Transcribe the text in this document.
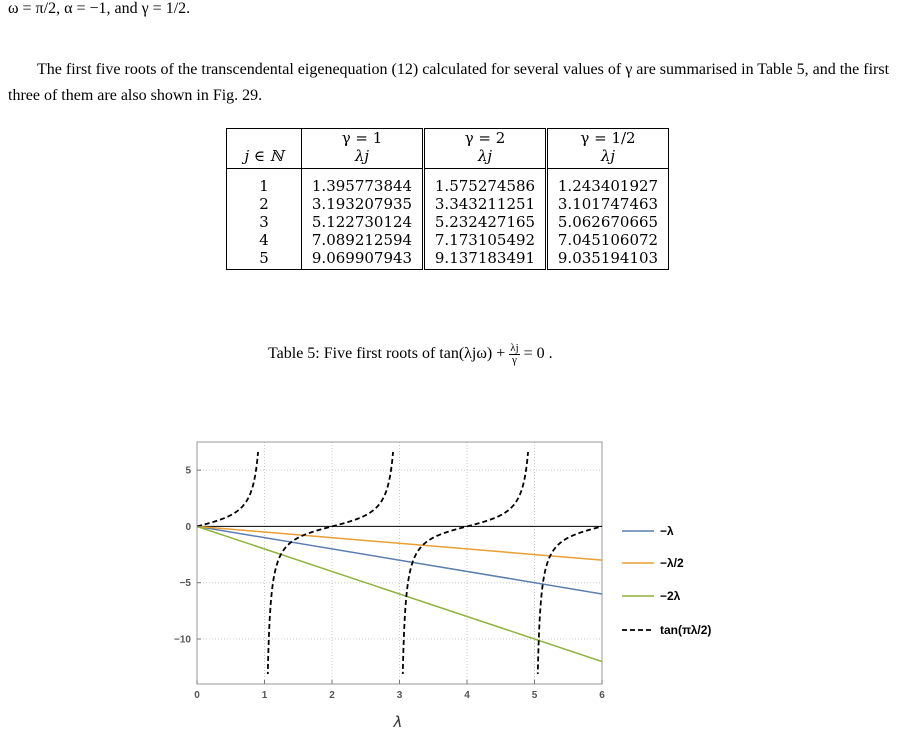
ω = π/2, α = −1, and γ = 1/2.
The first five roots of the transcendental eigenequation (12) calculated for several values of γ are summarised in Table 5, and the first three of them are also shown in Fig. 29.
	γ = 1	γ = 2	γ = 1/2
j ∈ ℕ	λj	λj	λj

1	1.395773844	1.575274586	1.243401927
2	3.193207935	3.343211251	3.101747463
3	5.122730124	5.232427165	5.062670665
4	7.089212594	7.173105492	7.045106072
5	9.069907943	9.137183491	9.035194103
Table 5: Five first roots of $\tan(\lambda j\omega) + \frac{\lambda j}{\gamma} = 0$ .
0	1	2	3	4	5	6
5
0
−5
−10
−λ
−λ/2
−2λ
tan(πλ/2)
λ
